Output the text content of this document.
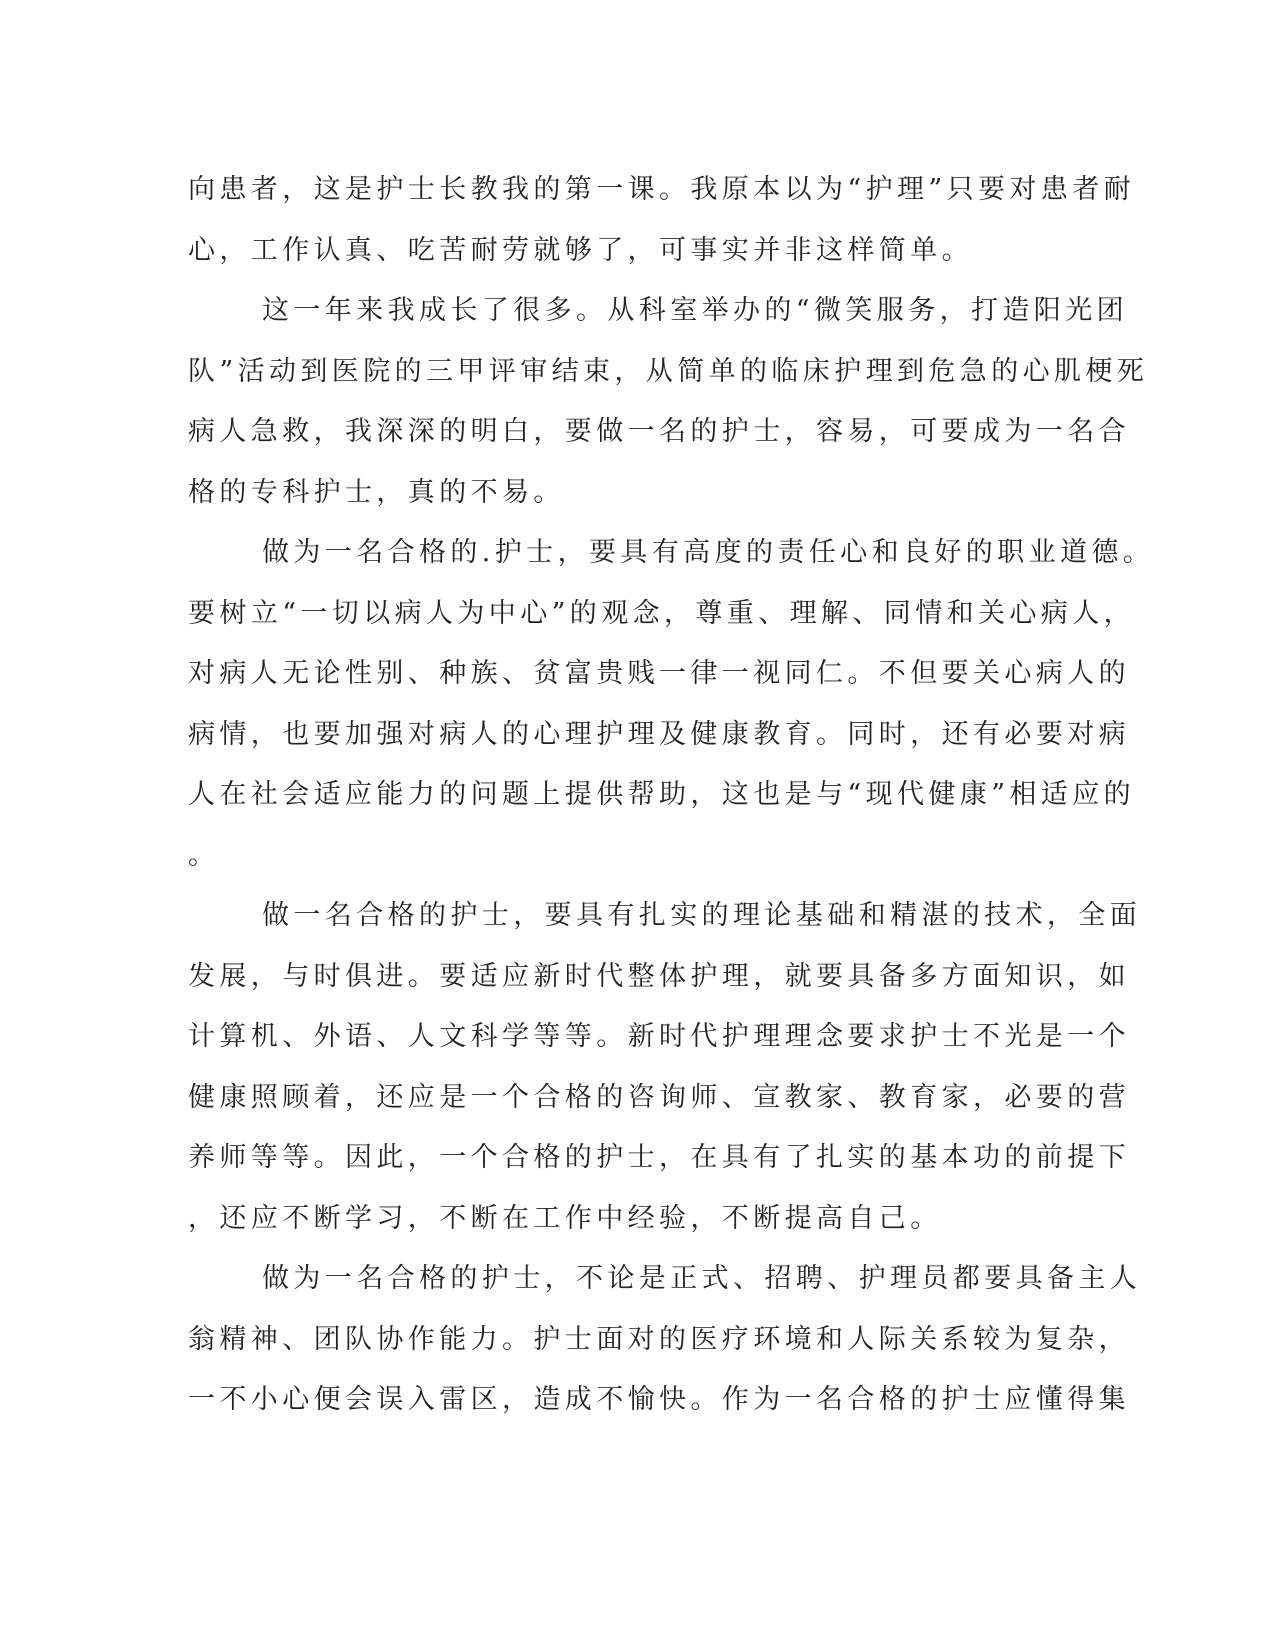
向患者，这是护士长教我的第一课。我原本以为“护理”只要对患者耐
心，工作认真、吃苦耐劳就够了，可事实并非这样简单。
这一年来我成长了很多。从科室举办的“微笑服务，打造阳光团
队”活动到医院的三甲评审结束，从简单的临床护理到危急的心肌梗死
病人急救，我深深的明白，要做一名的护士，容易，可要成为一名合
格的专科护士，真的不易。
做为一名合格的.护士，要具有高度的责任心和良好的职业道德。
要树立“一切以病人为中心”的观念，尊重、理解、同情和关心病人，
对病人无论性别、种族、贫富贵贱一律一视同仁。不但要关心病人的
病情，也要加强对病人的心理护理及健康教育。同时，还有必要对病
人在社会适应能力的问题上提供帮助，这也是与“现代健康”相适应的
。
做一名合格的护士，要具有扎实的理论基础和精湛的技术，全面
发展，与时俱进。要适应新时代整体护理，就要具备多方面知识，如
计算机、外语、人文科学等等。新时代护理理念要求护士不光是一个
健康照顾着，还应是一个合格的咨询师、宣教家、教育家，必要的营
养师等等。因此，一个合格的护士，在具有了扎实的基本功的前提下
，还应不断学习，不断在工作中经验，不断提高自己。
做为一名合格的护士，不论是正式、招聘、护理员都要具备主人
翁精神、团队协作能力。护士面对的医疗环境和人际关系较为复杂，
一不小心便会误入雷区，造成不愉快。作为一名合格的护士应懂得集
